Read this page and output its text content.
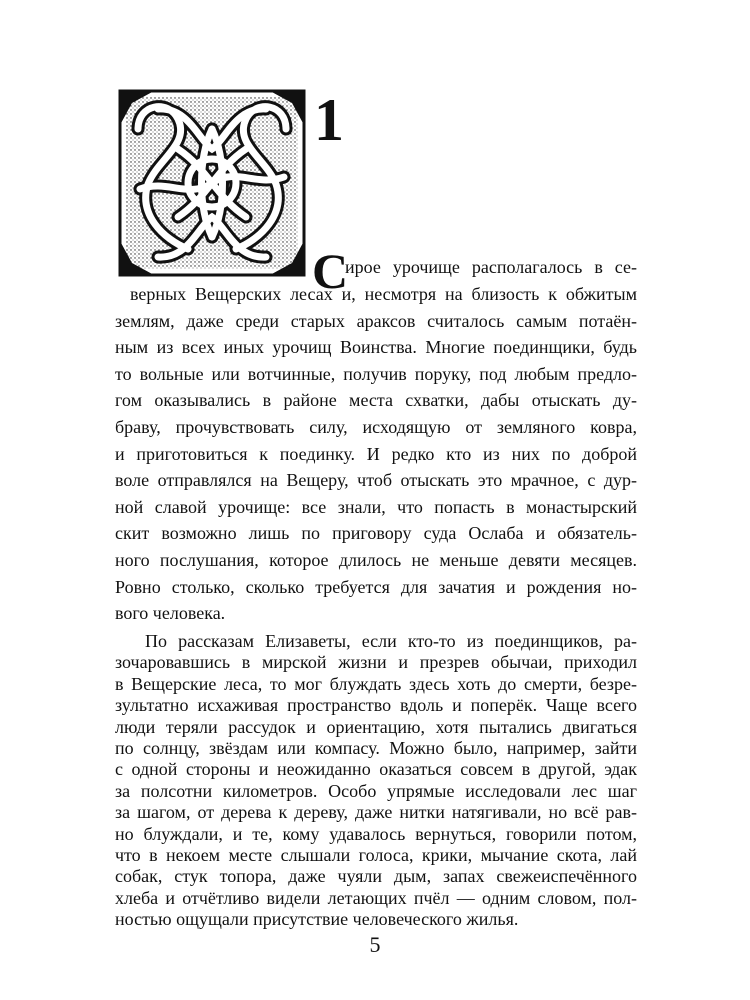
1
С
ирое урочище располагалось в се-
верных Вещерских лесах и, несмотря на близость к обжитым
землям, даже среди старых араксов считалось самым потаён-
ным из всех иных урочищ Воинства. Многие поединщики, будь
то вольные или вотчинные, получив поруку, под любым предло-
гом оказывались в районе места схватки, дабы отыскать ду-
браву, прочувствовать силу, исходящую от земляного ковра,
и приготовиться к поединку. И редко кто из них по доброй
воле отправлялся на Вещеру, чтоб отыскать это мрачное, с дур-
ной славой урочище: все знали, что попасть в монастырский
скит возможно лишь по приговору суда Ослаба и обязатель-
ного послушания, которое длилось не меньше девяти месяцев.
Ровно столько, сколько требуется для зачатия и рождения но-
вого человека.
По рассказам Елизаветы, если кто-то из поединщиков, ра-
зочаровавшись в мирской жизни и презрев обычаи, приходил
в Вещерские леса, то мог блуждать здесь хоть до смерти, безре-
зультатно исхаживая пространство вдоль и поперёк. Чаще всего
люди теряли рассудок и ориентацию, хотя пытались двигаться
по солнцу, звёздам или компасу. Можно было, например, зайти
с одной стороны и неожиданно оказаться совсем в другой, эдак
за полсотни километров. Особо упрямые исследовали лес шаг
за шагом, от дерева к дереву, даже нитки натягивали, но всё рав-
но блуждали, и те, кому удавалось вернуться, говорили потом,
что в некоем месте слышали голоса, крики, мычание скота, лай
собак, стук топора, даже чуяли дым, запах свежеиспечённого
хлеба и отчётливо видели летающих пчёл — одним словом, пол-
ностью ощущали присутствие человеческого жилья.
5
